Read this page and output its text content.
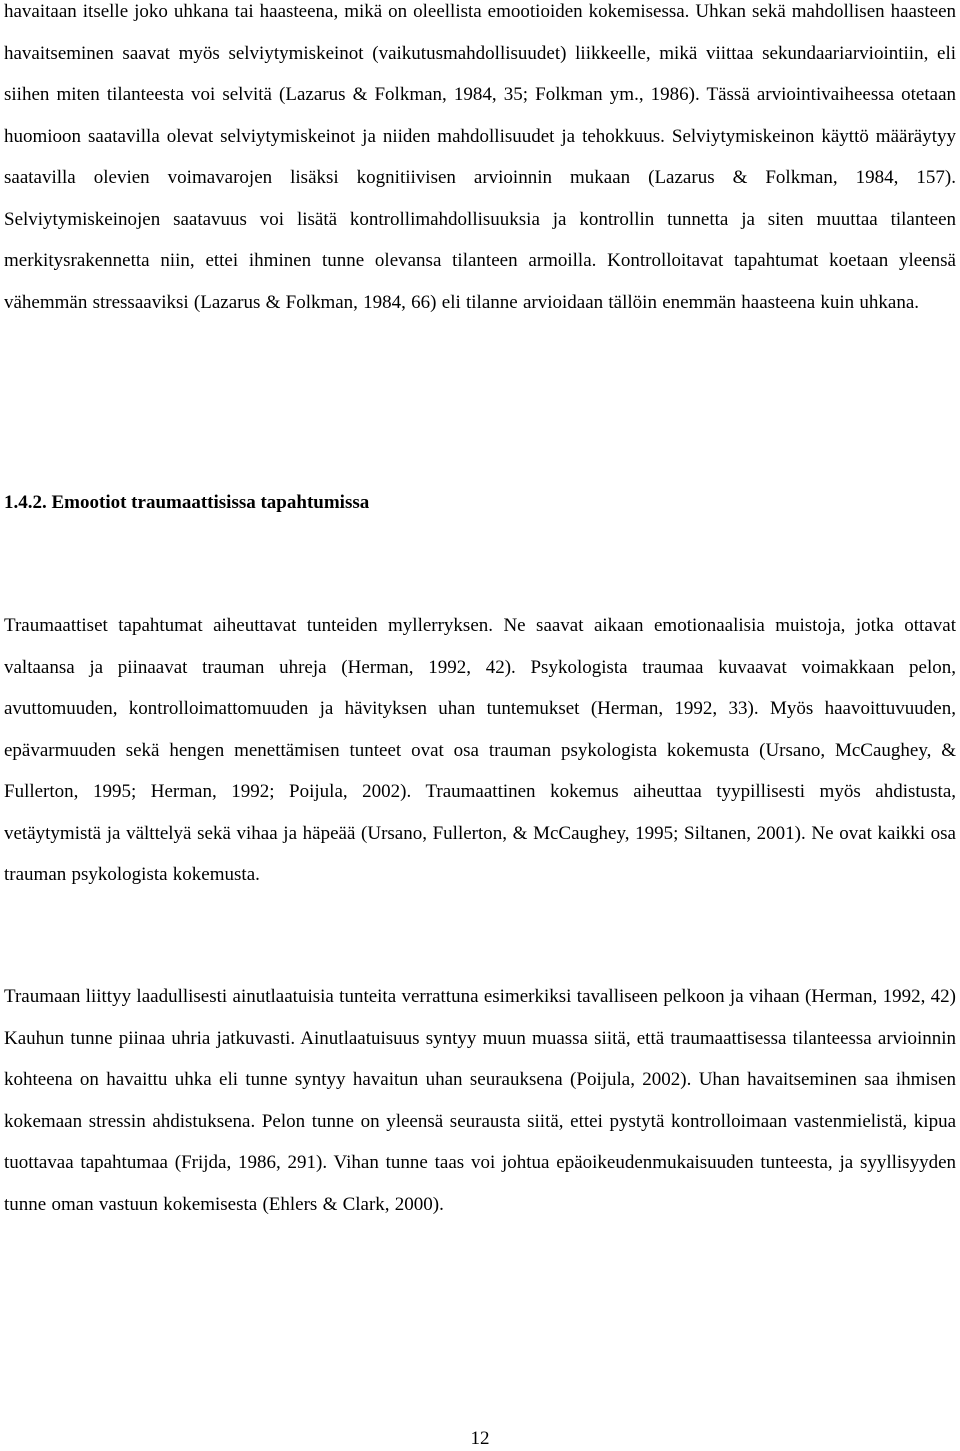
havaitaan itselle joko uhkana tai haasteena, mikä on oleellista emootioiden kokemisessa. Uhkan sekä mahdollisen haasteen havaitseminen saavat myös selviytymiskeinot (vaikutusmahdollisuudet) liikkeelle, mikä viittaa sekundaariarviointiin, eli siihen miten tilanteesta voi selvitä (Lazarus & Folkman, 1984, 35; Folkman ym., 1986). Tässä arviointivaiheessa otetaan huomioon saatavilla olevat selviytymiskeinot ja niiden mahdollisuudet ja tehokkuus. Selviytymiskeinon käyttö määräytyy saatavilla olevien voimavarojen lisäksi kognitiivisen arvioinnin mukaan (Lazarus & Folkman, 1984, 157). Selviytymiskeinojen saatavuus voi lisätä kontrollimahdollisuuksia ja kontrollin tunnetta ja siten muuttaa tilanteen merkitysrakennetta niin, ettei ihminen tunne olevansa tilanteen armoilla. Kontrolloitavat tapahtumat koetaan yleensä vähemmän stressaaviksi (Lazarus & Folkman, 1984, 66) eli tilanne arvioidaan tällöin enemmän haasteena kuin uhkana.

1.4.2. Emootiot traumaattisissa tapahtumissa

Traumaattiset tapahtumat aiheuttavat tunteiden myllerryksen. Ne saavat aikaan emotionaalisia muistoja, jotka ottavat valtaansa ja piinaavat trauman uhreja (Herman, 1992, 42). Psykologista traumaa kuvaavat voimakkaan pelon, avuttomuuden, kontrolloimattomuuden ja hävityksen uhan tuntemukset (Herman, 1992, 33). Myös haavoittuvuuden, epävarmuuden sekä hengen menettämisen tunteet ovat osa trauman psykologista kokemusta (Ursano, McCaughey, & Fullerton, 1995; Herman, 1992; Poijula, 2002). Traumaattinen kokemus aiheuttaa tyypillisesti myös ahdistusta, vetäytymistä ja välttelyä sekä vihaa ja häpeää (Ursano, Fullerton, & McCaughey, 1995; Siltanen, 2001). Ne ovat kaikki osa trauman psykologista kokemusta.

Traumaan liittyy laadullisesti ainutlaatuisia tunteita verrattuna esimerkiksi tavalliseen pelkoon ja vihaan (Herman, 1992, 42) Kauhun tunne piinaa uhria jatkuvasti. Ainutlaatuisuus syntyy muun muassa siitä, että traumaattisessa tilanteessa arvioinnin kohteena on havaittu uhka eli tunne syntyy havaitun uhan seurauksena (Poijula, 2002). Uhan havaitseminen saa ihmisen kokemaan stressin ahdistuksena. Pelon tunne on yleensä seurausta siitä, ettei pystytä kontrolloimaan vastenmielistä, kipua tuottavaa tapahtumaa (Frijda, 1986, 291). Vihan tunne taas voi johtua epäoikeudenmukaisuuden tunteesta, ja syyllisyyden tunne oman vastuun kokemisesta (Ehlers & Clark, 2000).

12
